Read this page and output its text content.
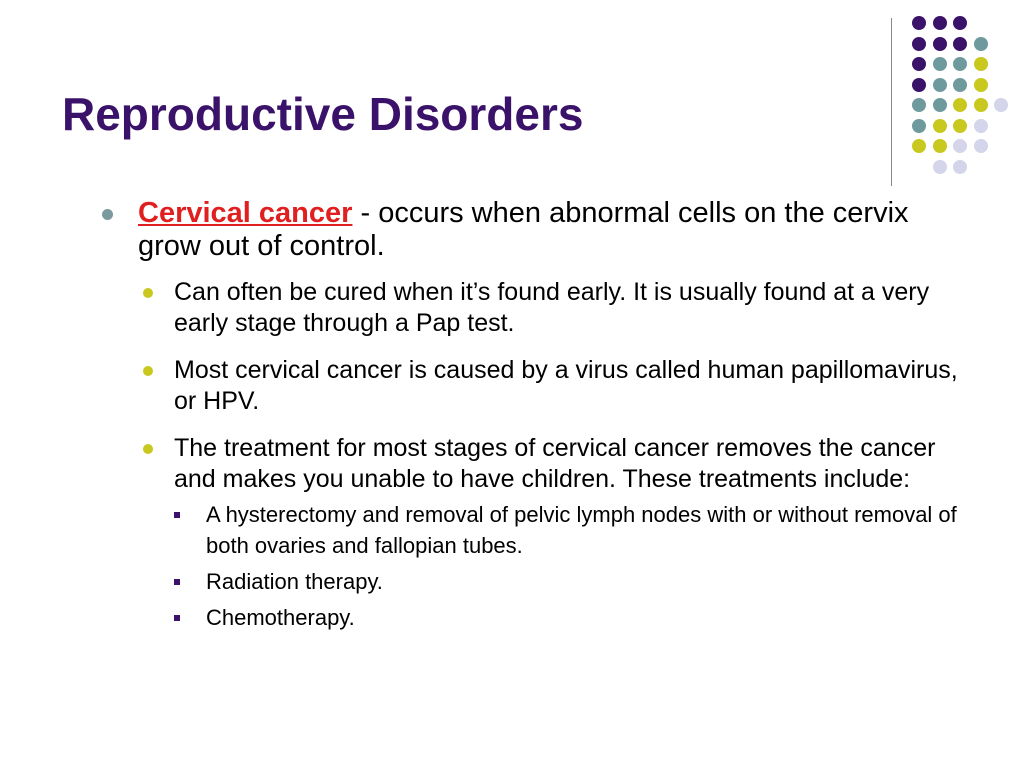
Reproductive Disorders
Cervical cancer - occurs when abnormal cells on the cervix grow out of control.
Can often be cured when it’s found early. It is usually found at a very early stage through a Pap test.
Most cervical cancer is caused by a virus called human papillomavirus, or HPV.
The treatment for most stages of cervical cancer removes the cancer and makes you unable to have children. These treatments include:
A hysterectomy and removal of pelvic lymph nodes with or without removal of both ovaries and fallopian tubes.
Radiation therapy.
Chemotherapy.
